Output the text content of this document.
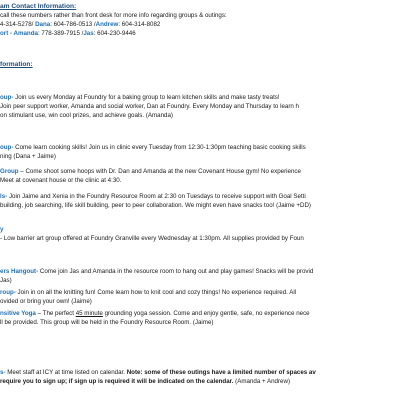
am Contact Information:
call these numbers rather than front desk for more info regarding groups & outings:
4-314-5278/ Dana: 604-786-0513 /Andrew: 604-314-8082
ort - Amanda: 778-389-7915 /Jas: 604-230-9446
formation:
oup- Join us every Monday at Foundry for a baking group to learn kitchen skills and make tasty treats!
Join peer support worker, Amanda and social worker, Dan at Foundry. Every Monday and Thursday to learn h
on stimulant use, win cool prizes, and achieve goals. (Amanda)
oup- Come learn cooking skills! Join us in clinic every Tuesday from 12:30-1:30pm teaching basic cooking skills
ning (Dana + Jaime)
Group – Come shoot some hoops with Dr. Dan and Amanda at the new Covenant House gym! No experience
Meet at covenant house or the clinic at 4:30.
ls- Join Jaime and Xenia in the Foundry Resource Room at 2:30 on Tuesdays to receive support with Goal Setti
building, job searching, life skill building, peer to peer collaboration. We might even have snacks too! (Jaime +DD)
y
- Low barrier art group offered at Foundry Granville every Wednesday at 1:30pm. All supplies provided by Foun
ers Hangout- Come join Jas and Amanda in the resource room to hang out and play games! Snacks will be provid
Jas)
roup- Join in on all the knitting fun! Come learn how to knit cool and cozy things! No experience required. All
ovided or bring your own! (Jaime)
nsitive Yoga – The perfect 45 minute grounding yoga session. Come and enjoy gentle, safe, no experience nece
ll be provided. This group will be held in the Foundry Resource Room. (Jaime)
s- Meet staff at ICY at time listed on calendar. Note: some of these outings have a limited number of spaces av
require you to sign up; if sign up is required it will be indicated on the calendar. (Amanda + Andrew)
